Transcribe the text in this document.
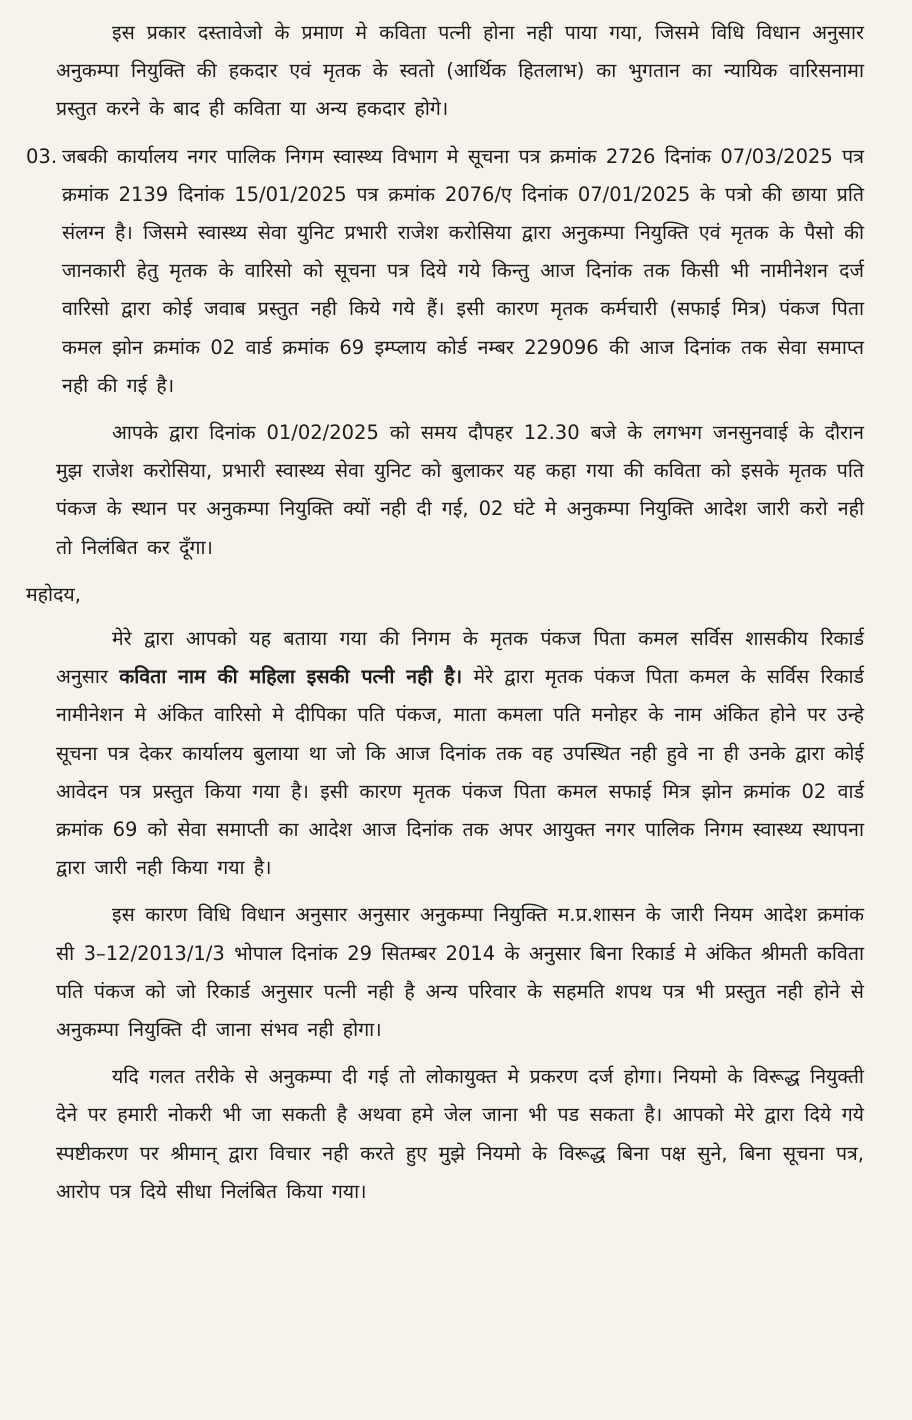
इस प्रकार दस्तावेजो के प्रमाण मे कविता पत्नी होना नही पाया गया, जिसमे विधि विधान अनुसार अनुकम्पा नियुक्ति की हकदार एवं मृतक के स्वतो (आर्थिक हितलाभ) का भुगतान का न्यायिक वारिसनामा प्रस्तुत करने के बाद ही कविता या अन्य हकदार होगे।

03. जबकी कार्यालय नगर पालिक निगम स्वास्थ्य विभाग मे सूचना पत्र क्रमांक 2726 दिनांक 07/03/2025 पत्र क्रमांक 2139 दिनांक 15/01/2025 पत्र क्रमांक 2076/ए दिनांक 07/01/2025 के पत्रो की छाया प्रति संलग्न है। जिसमे स्वास्थ्य सेवा युनिट प्रभारी राजेश करोसिया द्वारा अनुकम्पा नियुक्ति एवं मृतक के पैसो की जानकारी हेतु मृतक के वारिसो को सूचना पत्र दिये गये किन्तु आज दिनांक तक किसी भी नामीनेशन दर्ज वारिसो द्वारा कोई जवाब प्रस्तुत नही किये गये हैं। इसी कारण मृतक कर्मचारी (सफाई मित्र) पंकज पिता कमल झोन क्रमांक 02 वार्ड क्रमांक 69 इम्प्लाय कोर्ड नम्बर 229096 की आज दिनांक तक सेवा समाप्त नही की गई है।

आपके द्वारा दिनांक 01/02/2025 को समय दौपहर 12.30 बजे के लगभग जनसुनवाई के दौरान मुझ राजेश करोसिया, प्रभारी स्वास्थ्य सेवा युनिट को बुलाकर यह कहा गया की कविता को इसके मृतक पति पंकज के स्थान पर अनुकम्पा नियुक्ति क्यों नही दी गई, 02 घंटे मे अनुकम्पा नियुक्ति आदेश जारी करो नही तो निलंबित कर दूँगा।

महोदय,

मेरे द्वारा आपको यह बताया गया की निगम के मृतक पंकज पिता कमल सर्विस शासकीय रिकार्ड अनुसार कविता नाम की महिला इसकी पत्नी नही है। मेरे द्वारा मृतक पंकज पिता कमल के सर्विस रिकार्ड नामीनेशन मे अंकित वारिसो मे दीपिका पति पंकज, माता कमला पति मनोहर के नाम अंकित होने पर उन्हे सूचना पत्र देकर कार्यालय बुलाया था जो कि आज दिनांक तक वह उपस्थित नही हुवे ना ही उनके द्वारा कोई आवेदन पत्र प्रस्तुत किया गया है। इसी कारण मृतक पंकज पिता कमल सफाई मित्र झोन क्रमांक 02 वार्ड क्रमांक 69 को सेवा समाप्ती का आदेश आज दिनांक तक अपर आयुक्त नगर पालिक निगम स्वास्थ्य स्थापना द्वारा जारी नही किया गया है।

इस कारण विधि विधान अनुसार अनुसार अनुकम्पा नियुक्ति म.प्र.शासन के जारी नियम आदेश क्रमांक सी 3–12/2013/1/3 भोपाल दिनांक 29 सितम्बर 2014 के अनुसार बिना रिकार्ड मे अंकित श्रीमती कविता पति पंकज को जो रिकार्ड अनुसार पत्नी नही है अन्य परिवार के सहमति शपथ पत्र भी प्रस्तुत नही होने से अनुकम्पा नियुक्ति दी जाना संभव नही होगा।

यदि गलत तरीके से अनुकम्पा दी गई तो लोकायुक्त मे प्रकरण दर्ज होगा। नियमो के विरूद्ध नियुक्ती देने पर हमारी नोकरी भी जा सकती है अथवा हमे जेल जाना भी पड सकता है। आपको मेरे द्वारा दिये गये स्पष्टीकरण पर श्रीमान् द्वारा विचार नही करते हुए मुझे नियमो के विरूद्ध बिना पक्ष सुने, बिना सूचना पत्र, आरोप पत्र दिये सीधा निलंबित किया गया।
